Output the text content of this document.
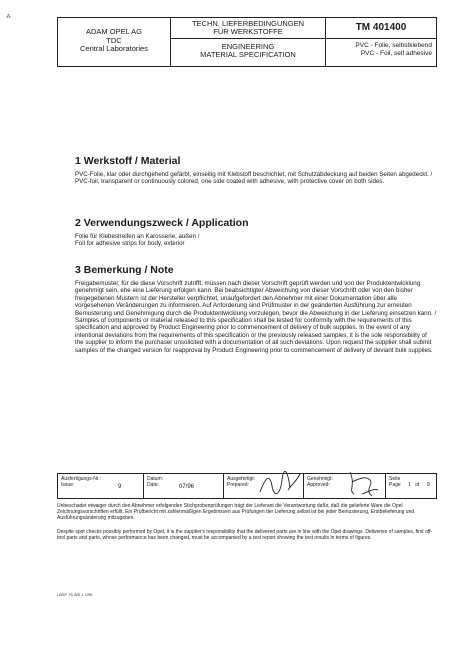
⁂
ADAM OPEL AG
TDC
Central Laboratories
TECHN. LIEFERBEDINGUNGEN
FÜR WERKSTOFFE
ENGINEERING
MATERIAL SPECIFICATION
TM 401400
PVC - Folie, selbstklebend
PVC - Foil, self adhesive
1 Werkstoff / Material

PVC-Folie, klar oder durchgehend gefärbt, einseitig mit Klebstoff beschichtet, mit Schutzabdeckung auf beiden Seiten abgedeckt. /

PVC-foil, transparent or continuously colored, one side coated with adhesive, with protective cover on both sides.

2 Verwendungszweck / Application

Folie für Klebestreifen an Karosserie, außen /

Foil for adhesive strips for body, exterior

3 Bemerkung / Note

Freigabemuster, für die diese Vorschrift zutrifft, müssen nach dieser Vorschrift geprüft werden und von der Produktentwicklung genehmigt sein, ehe eine Lieferung erfolgen kann. Bei beabsichtigter Abweichung von dieser Vorschrift oder von den bisher freigegebenen Mustern ist der Hersteller verpflichtet, unaufgefordert den Abnehmer mit einer Dokumentation über alle vorgesehenen Veränderungen zu informieren. Auf Anforderung sind Prüfmuster in der geänderten Ausführung zur erneuten Bemusterung und Genehmigung durch die Produktentwicklung vorzulegen, bevor die Abweichung in der Lieferung einsetzen kann. /

Samples of components or material released to this specification shall be tested for conformity with the requirements of this specification and approved by Product Engineering prior to commencement of delivery of bulk supplies. In the event of any intentional deviations from the requirements of this specification or the previously released samples, it is the sole responsibility of the supplier to inform the purchaser unsolicited with a documentation of all such deviations. Upon request the supplier shall submit samples of the changed version for reapproval by Product Engineering prior to commencement of delivery of deviant bulk supplies.

Ausfertigungs-Nr.:
Issue:	9
Datum:
Date:	07/96
Ausgefertigt:
Prepared:
Genehmigt:
Approved:
Seite
Page 1 of 9

Unbeschadet etwaiger durch den Abnehmer erfolgenden Stichprobenprüfungen trägt der Lieferant die Verantwortung dafür, daß die gelieferte Ware die Opel Zeichnungsvorschriften erfüllt. Ein Prüfbericht mit zahlenmäßigen Ergebnissen aus Prüfungen der Lieferung selbst ist bei jeder Bemusterung, Erstbelieferung und Ausführungsänderung mitzugeben.

Despite spot checks possibly performed by Opel, it is the supplier's responsibility that the delivered parts are in line with the Opel drawings. Deliveries of samples, first off-tool parts and parts, whose performance has been changed, must be accompanied by a test report showing the test results in terms of figures.

LBSP 75 WS 1 1/95
